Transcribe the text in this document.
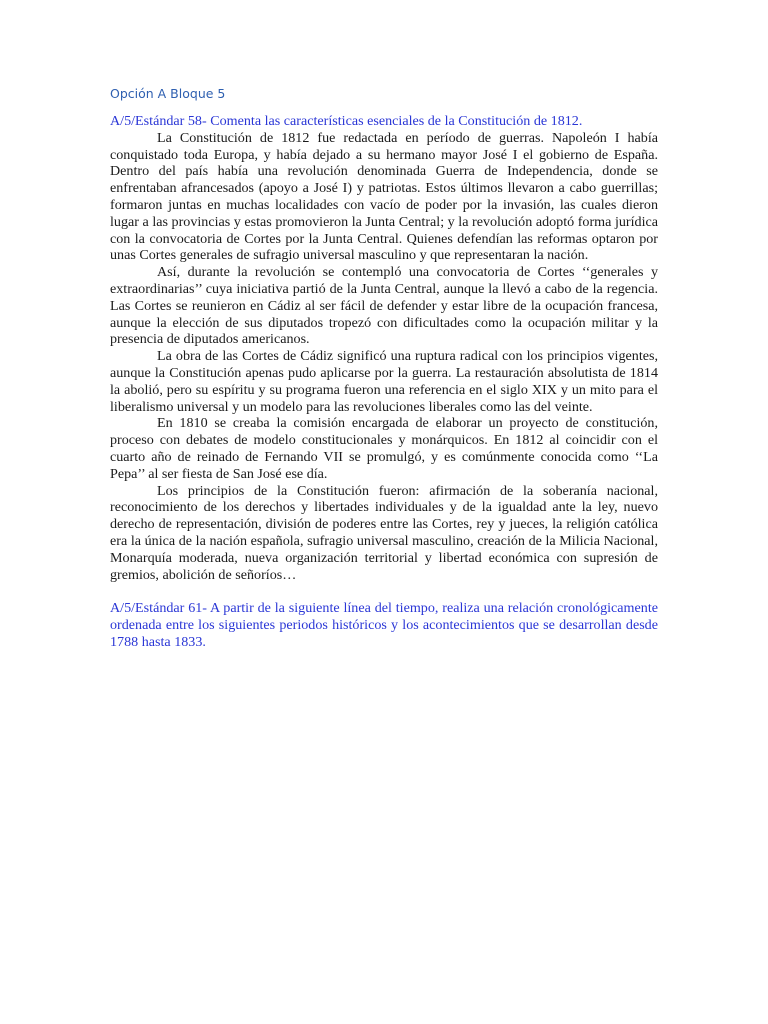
Opción A Bloque 5

A/5/Estándar 58- Comenta las características esenciales de la Constitución de 1812.

La Constitución de 1812 fue redactada en período de guerras. Napoleón I había conquistado toda Europa, y había dejado a su hermano mayor José I el gobierno de España. Dentro del país había una revolución denominada Guerra de Independencia, donde se enfrentaban afrancesados (apoyo a José I) y patriotas. Estos últimos llevaron a cabo guerrillas; formaron juntas en muchas localidades con vacío de poder por la invasión, las cuales dieron lugar a las provincias y estas promovieron la Junta Central; y la revolución adoptó forma jurídica con la convocatoria de Cortes por la Junta Central. Quienes defendían las reformas optaron por unas Cortes generales de sufragio universal masculino y que representaran la nación.

Así, durante la revolución se contempló una convocatoria de Cortes ‘‘generales y extraordinarias’’ cuya iniciativa partió de la Junta Central, aunque la llevó a cabo de la regencia. Las Cortes se reunieron en Cádiz al ser fácil de defender y estar libre de la ocupación francesa, aunque la elección de sus diputados tropezó con dificultades como la ocupación militar y la presencia de diputados americanos.

La obra de las Cortes de Cádiz significó una ruptura radical con los principios vigentes, aunque la Constitución apenas pudo aplicarse por la guerra. La restauración absolutista de 1814 la abolió, pero su espíritu y su programa fueron una referencia en el siglo XIX y un mito para el liberalismo universal y un modelo para las revoluciones liberales como las del veinte.

En 1810 se creaba la comisión encargada de elaborar un proyecto de constitución, proceso con debates de modelo constitucionales y monárquicos. En 1812 al coincidir con el cuarto año de reinado de Fernando VII se promulgó, y es comúnmente conocida como ‘‘La Pepa’’ al ser fiesta de San José ese día.

Los principios de la Constitución fueron: afirmación de la soberanía nacional, reconocimiento de los derechos y libertades individuales y de la igualdad ante la ley, nuevo derecho de representación, división de poderes entre las Cortes, rey y jueces, la religión católica era la única de la nación española, sufragio universal masculino, creación de la Milicia Nacional, Monarquía moderada, nueva organización territorial y libertad económica con supresión de gremios, abolición de señoríos…

A/5/Estándar 61- A partir de la siguiente línea del tiempo, realiza una relación cronológicamente ordenada entre los siguientes periodos históricos y los acontecimientos que se desarrollan desde 1788 hasta 1833.
